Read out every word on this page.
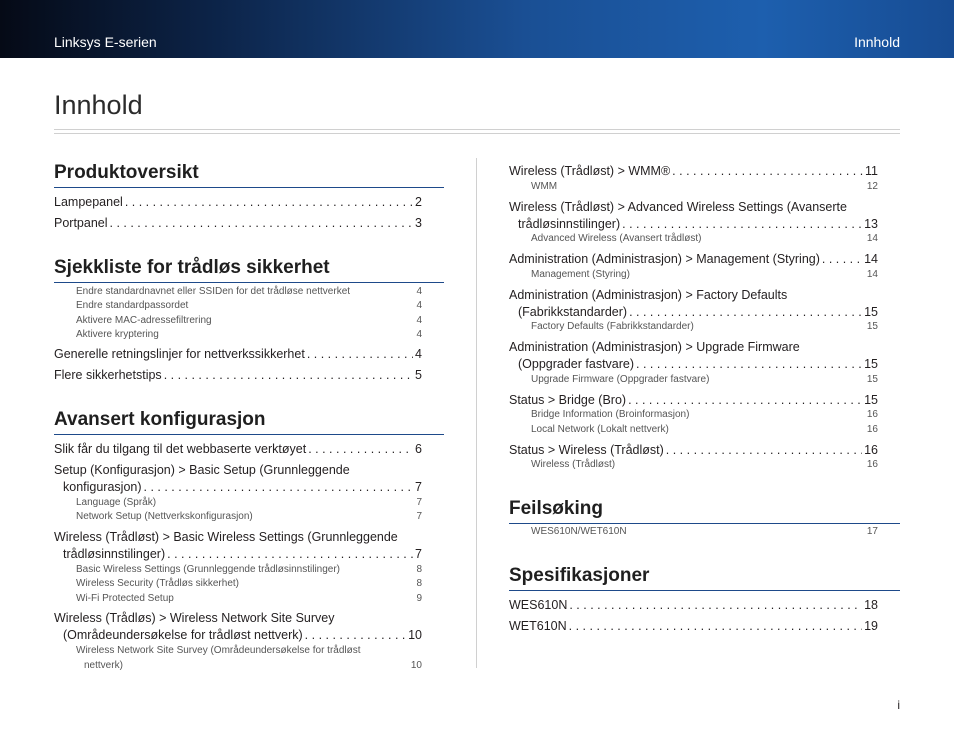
Linksys E-serien	Innhold
Innhold
Produktoversikt
Lampepanel . . .	2
Portpanel . . .	3
Sjekkliste for trådløs sikkerhet
Endre standardnavnet eller SSIDen for det trådløse nettverket	4
Endre standardpassordet	4
Aktivere MAC-adressefiltrering	4
Aktivere kryptering	4
Generelle retningslinjer for nettverkssikkerhet . . .	4
Flere sikkerhetstips . . .	5
Avansert konfigurasjon
Slik får du tilgang til det webbaserte verktøyet . . .	6
Setup (Konfigurasjon) > Basic Setup (Grunnleggende
konfigurasjon) . . .	7
Language (Språk)	7
Network Setup (Nettverkskonfigurasjon)	7
Wireless (Trådløst) > Basic Wireless Settings (Grunnleggende
trådløsinnstilinger) . . .	7
Basic Wireless Settings (Grunnleggende trådløsinnstilinger)	8
Wireless Security (Trådløs sikkerhet)	8
Wi-Fi Protected Setup	9
Wireless (Trådløs) > Wireless Network Site Survey
(Områdeundersøkelse for trådløst nettverk) . . .	10
Wireless Network Site Survey (Områdeundersøkelse for trådløst
nettverk)	10
Wireless (Trådløst) > WMM® . . .	11
WMM	12
Wireless (Trådløst) > Advanced Wireless Settings (Avanserte
trådløsinnstilinger) . . .	13
Advanced Wireless (Avansert trådløst)	14
Administration (Administrasjon) > Management (Styring) . . .	14
Management (Styring)	14
Administration (Administrasjon) > Factory Defaults
(Fabrikkstandarder) . . .	15
Factory Defaults (Fabrikkstandarder)	15
Administration (Administrasjon) > Upgrade Firmware
(Oppgrader fastvare) . . .	15
Upgrade Firmware (Oppgrader fastvare)	15
Status > Bridge (Bro) . . .	15
Bridge Information (Broinformasjon)	16
Local Network (Lokalt nettverk)	16
Status > Wireless (Trådløst) . . .	16
Wireless (Trådløst)	16
Feilsøking
WES610N/WET610N	17
Spesifikasjoner
WES610N . . .	18
WET610N . . .	19
i
